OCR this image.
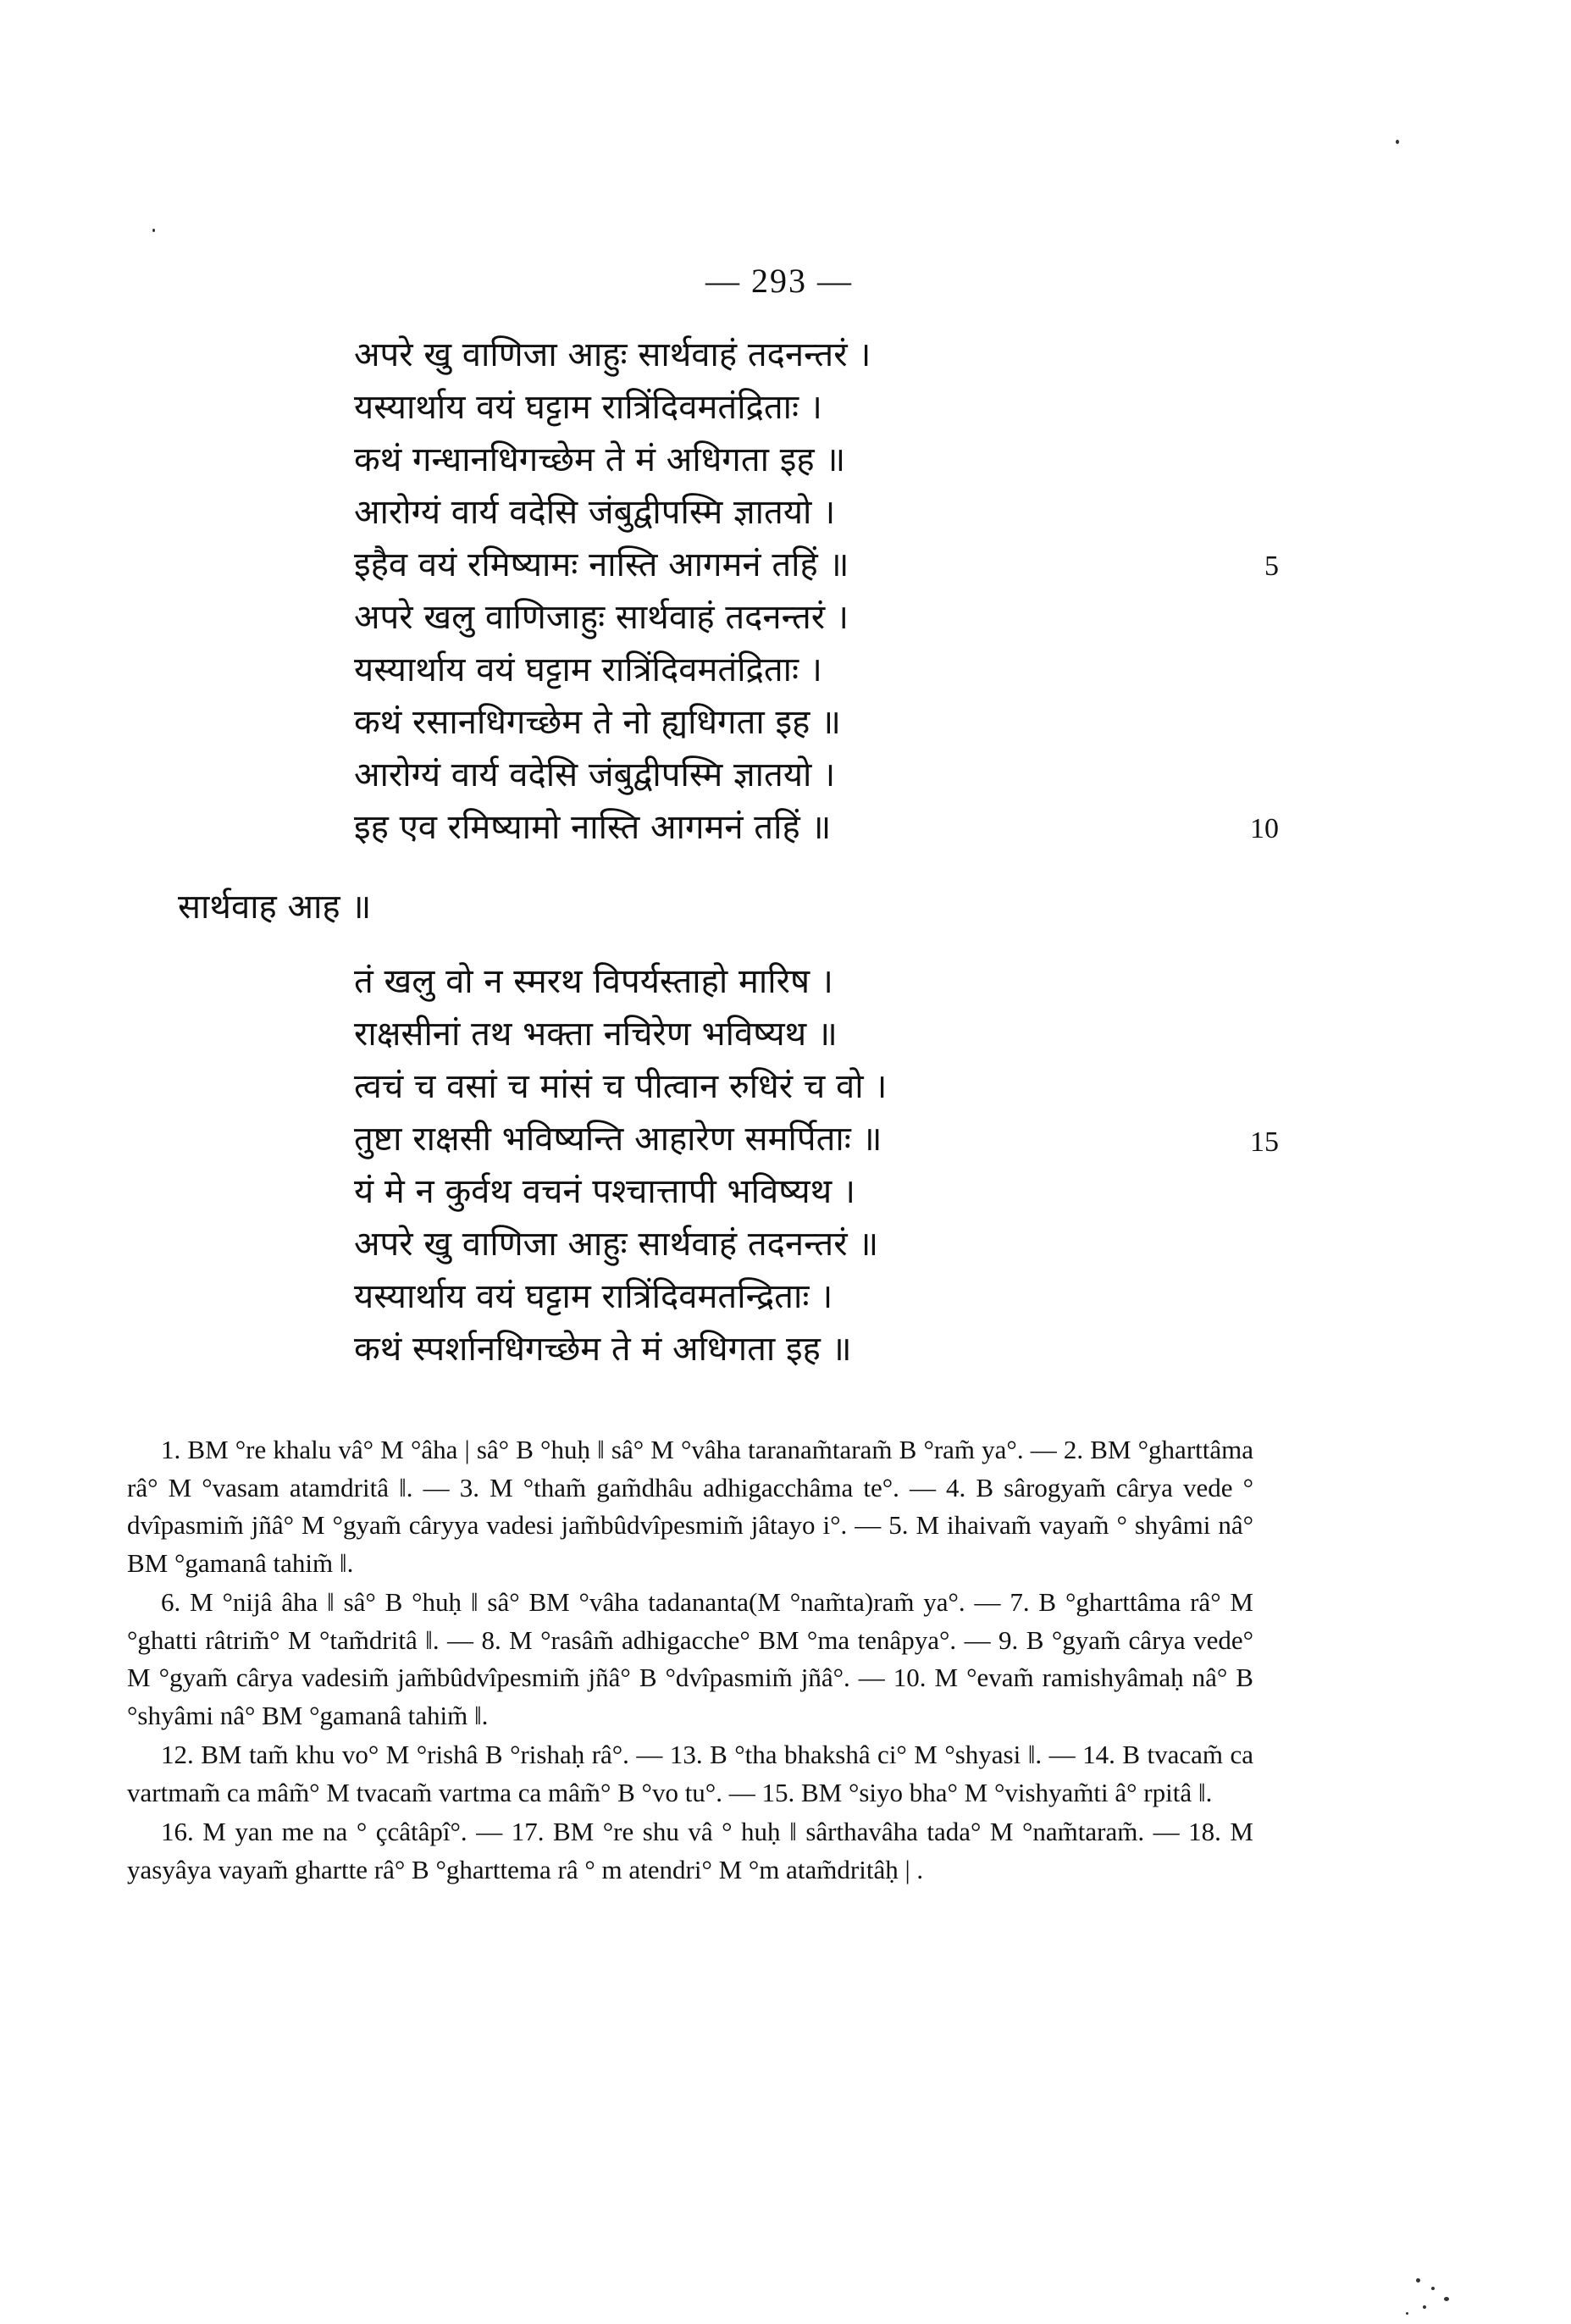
— 293 —
अपरे खु वाणिजा आहुः सार्थवाहं तदनन्तरं ।
यस्यार्थाय वयं घट्टाम रात्रिंदिवमतंद्रिताः ।
कथं गन्धानधिगच्छेम ते मं अधिगता इह ॥
आरोग्यं वार्य वदेसि जंबुद्वीपस्मि ज्ञातयो ।
इहैव वयं रमिष्यामः नास्ति आगमनं तहिं ॥
अपरे खलु वाणिजाहुः सार्थवाहं तदनन्तरं ।
यस्यार्थाय वयं घट्टाम रात्रिंदिवमतंद्रिताः ।
कथं रसानधिगच्छेम ते नो ह्यधिगता इह ॥
आरोग्यं वार्य वदेसि जंबुद्वीपस्मि ज्ञातयो ।
इह एव रमिष्यामो नास्ति आगमनं तहिं ॥
5
10
सार्थवाह आह ॥
तं खलु वो न स्मरथ विपर्यस्ताहो मारिष ।
राक्षसीनां तथ भक्ता नचिरेण भविष्यथ ॥
त्वचं च वसां च मांसं च पीत्वान रुधिरं च वो ।
तुष्टा राक्षसी भविष्यन्ति आहारेण समर्पिताः ॥
यं मे न कुर्वथ वचनं पश्चात्तापी भविष्यथ ।
अपरे खु वाणिजा आहुः सार्थवाहं तदनन्तरं ॥
यस्यार्थाय वयं घट्टाम रात्रिंदिवमतन्द्रिताः ।
कथं स्पर्शानधिगच्छेम ते मं अधिगता इह ॥
15

1. BM °re khalu vâ° M °âha | sâ° B °huḥ ‖ sâ° M °vâha taranam̃taram̃ B °ram̃ ya°. — 2. BM °gharttâma râ° M °vasam atamdritâ ‖. — 3. M °tham̃ gam̃dhâu adhigacchâma te°. — 4. B sârogyam̃ cârya vede ° dvîpasmim̃ jñâ° M °gyam̃ câryya vadesi jam̃bûdvîpesmim̃ jâtayo i°. — 5. M ihaivam̃ vayam̃ ° shyâmi nâ° BM °gamanâ tahim̃ ‖.

6. M °nijâ âha ‖ sâ° B °huḥ ‖ sâ° BM °vâha tadananta(M °nam̃ta)ram̃ ya°. — 7. B °gharttâma râ° M °ghatti râtrim̃° M °tam̃dritâ ‖. — 8. M °rasâm̃ adhigacche° BM °ma tenâpya°. — 9. B °gyam̃ cârya vede° M °gyam̃ cârya vadesim̃ jam̃bûdvîpesmim̃ jñâ° B °dvîpasmim̃ jñâ°. — 10. M °evam̃ ramishyâmaḥ nâ° B °shyâmi nâ° BM °gamanâ tahim̃ ‖.

12. BM tam̃ khu vo° M °rishâ B °rishaḥ râ°. — 13. B °tha bhakshâ ci° M °shyasi ‖. — 14. B tvacam̃ ca vartmam̃ ca mâm̃° M tvacam̃ vartma ca mâm̃° B °vo tu°. — 15. BM °siyo bha° M °vishyam̃ti â° rpitâ ‖.

16. M yan me na ° çcâtâpî°. — 17. BM °re shu vâ ° huḥ ‖ sârthavâha tada° M °nam̃taram̃. — 18. M yasyâya vayam̃ ghartte râ° B °gharttema râ ° m atendri° M °m atam̃dritâḥ | .
